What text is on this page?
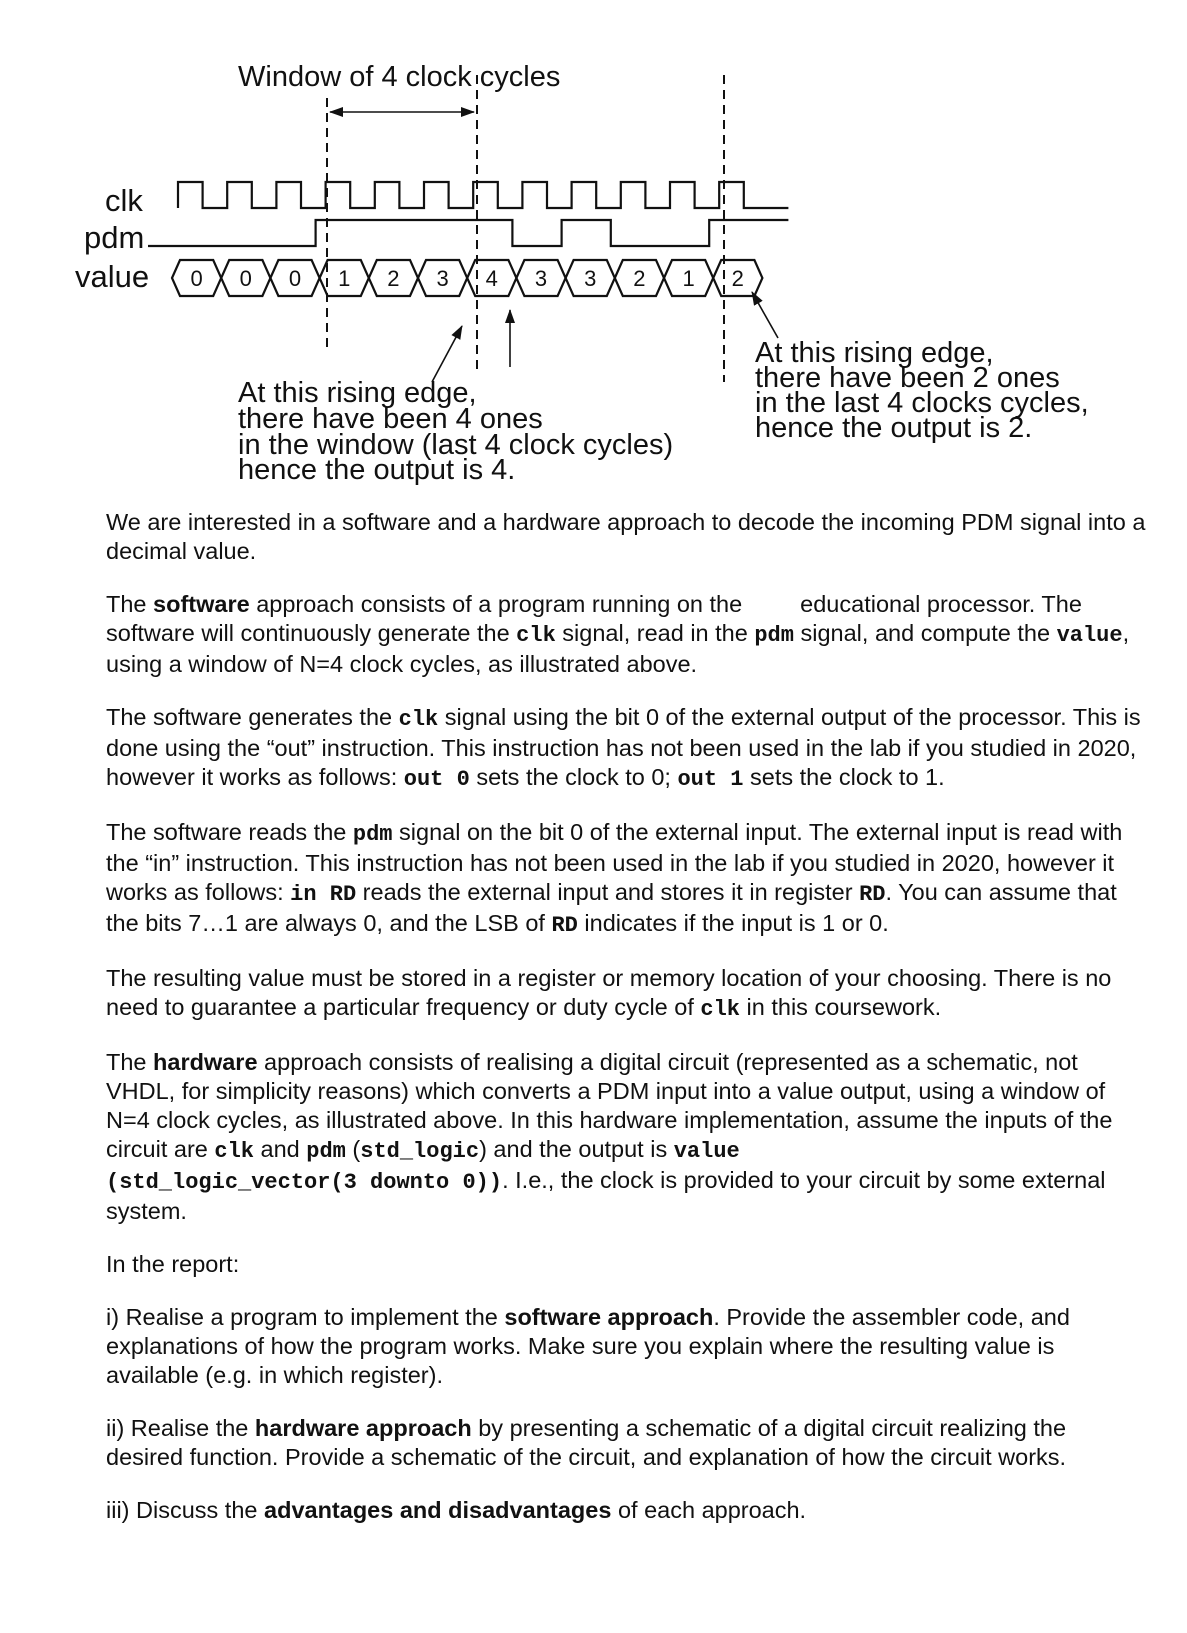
Window of 4 clock cycles
clk
pdm
value 0 0 0 1 2 3 4 3 3 2 1 2
At this rising edge,
there have been 4 ones
in the window (last 4 clock cycles)
hence the output is 4.
At this rising edge,
there have been 2 ones
in the last 4 clocks cycles,
hence the output is 2.

We are interested in a software and a hardware approach to decode the incoming PDM signal into a decimal value.

The software approach consists of a program running on the educational processor. The software will continuously generate the clk signal, read in the pdm signal, and compute the value, using a window of N=4 clock cycles, as illustrated above.

The software generates the clk signal using the bit 0 of the external output of the processor. This is done using the “out” instruction. This instruction has not been used in the lab if you studied in 2020, however it works as follows: out 0 sets the clock to 0; out 1 sets the clock to 1.

The software reads the pdm signal on the bit 0 of the external input. The external input is read with the “in” instruction. This instruction has not been used in the lab if you studied in 2020, however it works as follows: in RD reads the external input and stores it in register RD. You can assume that the bits 7…1 are always 0, and the LSB of RD indicates if the input is 1 or 0.

The resulting value must be stored in a register or memory location of your choosing. There is no need to guarantee a particular frequency or duty cycle of clk in this coursework.

The hardware approach consists of realising a digital circuit (represented as a schematic, not VHDL, for simplicity reasons) which converts a PDM input into a value output, using a window of N=4 clock cycles, as illustrated above. In this hardware implementation, assume the inputs of the circuit are clk and pdm (std_logic) and the output is value
(std_logic_vector(3 downto 0)). I.e., the clock is provided to your circuit by some external system.

In the report:

i) Realise a program to implement the software approach. Provide the assembler code, and explanations of how the program works. Make sure you explain where the resulting value is available (e.g. in which register).

ii) Realise the hardware approach by presenting a schematic of a digital circuit realizing the desired function. Provide a schematic of the circuit, and explanation of how the circuit works.

iii) Discuss the advantages and disadvantages of each approach.
